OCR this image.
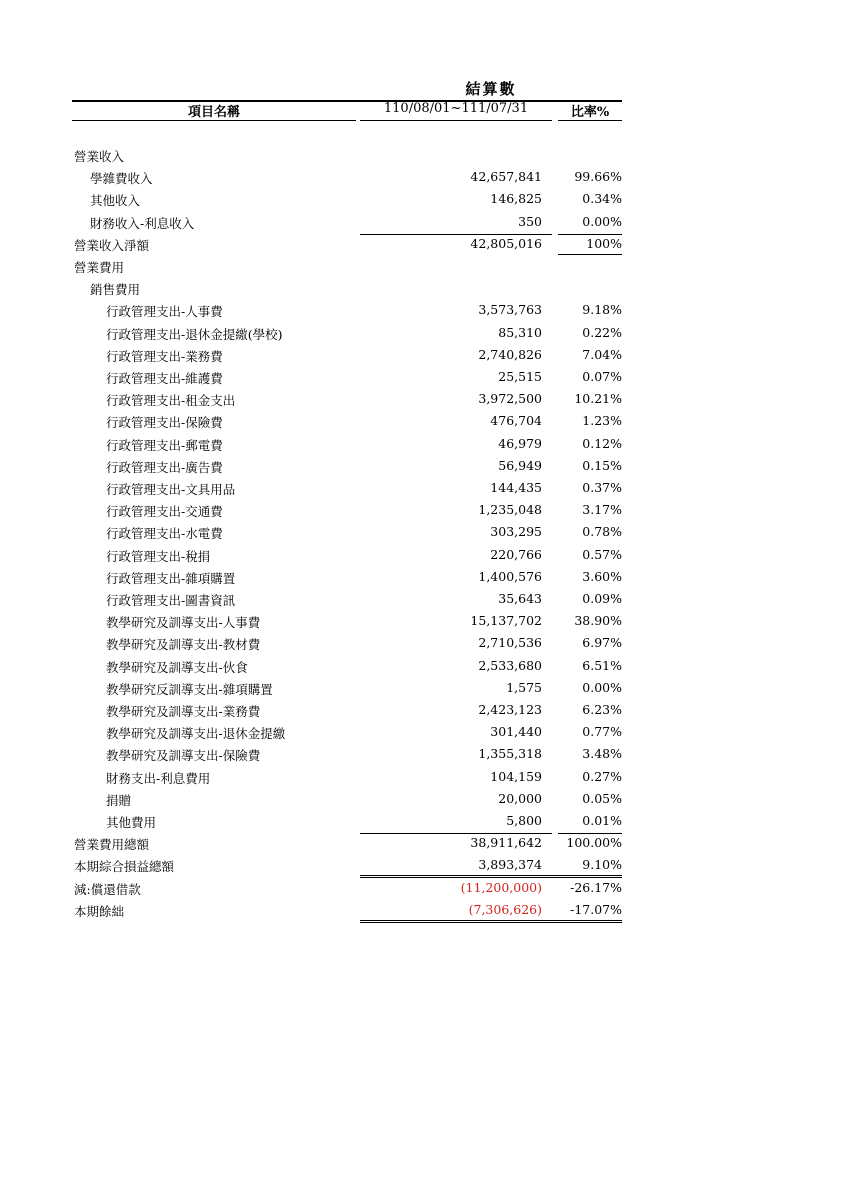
結算數
項目名稱	110/08/01~111/07/31	比率%
營業收入
學雜費收入	42,657,841	99.66%
其他收入	146,825	0.34%
財務收入-利息收入	350	0.00%
營業收入淨額	42,805,016	100%
營業費用
銷售費用
行政管理支出-人事費	3,573,763	9.18%
行政管理支出-退休金提繳(學校)	85,310	0.22%
行政管理支出-業務費	2,740,826	7.04%
行政管理支出-維護費	25,515	0.07%
行政管理支出-租金支出	3,972,500	10.21%
行政管理支出-保險費	476,704	1.23%
行政管理支出-郵電費	46,979	0.12%
行政管理支出-廣告費	56,949	0.15%
行政管理支出-文具用品	144,435	0.37%
行政管理支出-交通費	1,235,048	3.17%
行政管理支出-水電費	303,295	0.78%
行政管理支出-稅捐	220,766	0.57%
行政管理支出-雜項購置	1,400,576	3.60%
行政管理支出-圖書資訊	35,643	0.09%
教學研究及訓導支出-人事費	15,137,702	38.90%
教學研究及訓導支出-教材費	2,710,536	6.97%
教學研究及訓導支出-伙食	2,533,680	6.51%
教學研究反訓導支出-雜項購置	1,575	0.00%
教學研究及訓導支出-業務費	2,423,123	6.23%
教學研究及訓導支出-退休金提繳	301,440	0.77%
教學研究及訓導支出-保險費	1,355,318	3.48%
財務支出-利息費用	104,159	0.27%
捐贈	20,000	0.05%
其他費用	5,800	0.01%
營業費用總額	38,911,642 100.00%
本期綜合損益總額	3,893,374	9.10%
減:償還借款	(11,200,000) -26.17%
本期餘絀	(7,306,626) -17.07%
